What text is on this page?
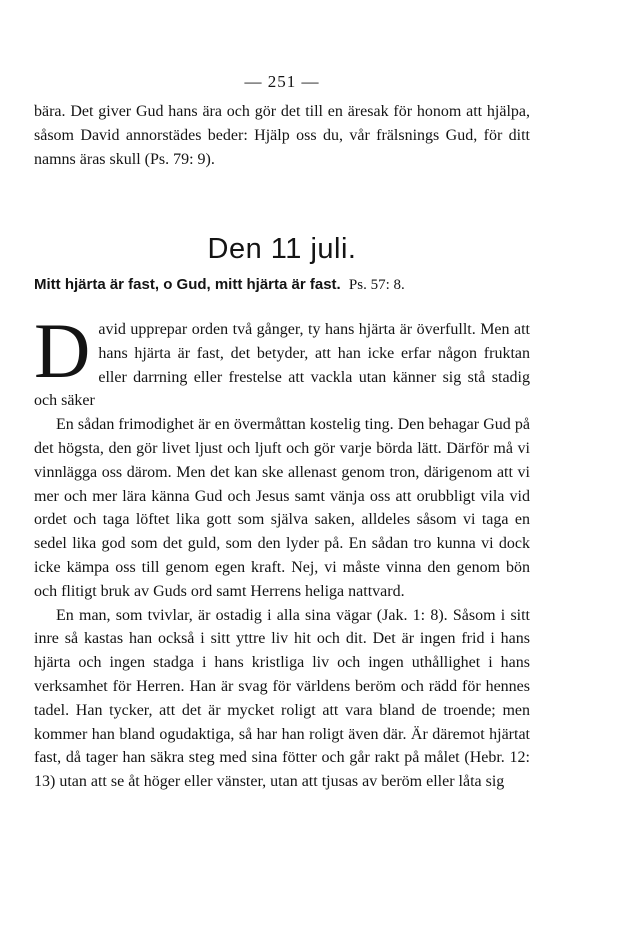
— 251 —

bära. Det giver Gud hans ära och gör det till en äresak för honom att hjälpa, såsom David annorstädes beder: Hjälp oss du, vår frälsnings Gud, för ditt namns äras skull (Ps. 79: 9).

Den 11 juli.
Mitt hjärta är fast, o Gud, mitt hjärta är fast. Ps. 57: 8.

David upprepar orden två gånger, ty hans hjärta är överfullt. Men att hans hjärta är fast, det betyder, att han icke erfar någon fruktan eller darrning eller frestelse att vackla utan känner sig stå stadig och säker

En sådan frimodighet är en övermåttan kostelig ting. Den behagar Gud på det högsta, den gör livet ljust och ljuft och gör varje börda lätt. Därför må vi vinnlägga oss därom. Men det kan ske allenast genom tron, därigenom att vi mer och mer lära känna Gud och Jesus samt vänja oss att orubbligt vila vid ordet och taga löftet lika gott som själva saken, alldeles såsom vi taga en sedel lika god som det guld, som den lyder på. En sådan tro kunna vi dock icke kämpa oss till genom egen kraft. Nej, vi måste vinna den genom bön och flitigt bruk av Guds ord samt Herrens heliga nattvard.

En man, som tvivlar, är ostadig i alla sina vägar (Jak. 1: 8). Såsom i sitt inre så kastas han också i sitt yttre liv hit och dit. Det är ingen frid i hans hjärta och ingen stadga i hans kristliga liv och ingen uthållighet i hans verksamhet för Herren. Han är svag för världens beröm och rädd för hennes tadel. Han tycker, att det är mycket roligt att vara bland de troende; men kommer han bland ogudaktiga, så har han roligt även där. Är däremot hjärtat fast, då tager han säkra steg med sina fötter och går rakt på målet (Hebr. 12: 13) utan att se åt höger eller vänster, utan att tjusas av beröm eller låta sig
